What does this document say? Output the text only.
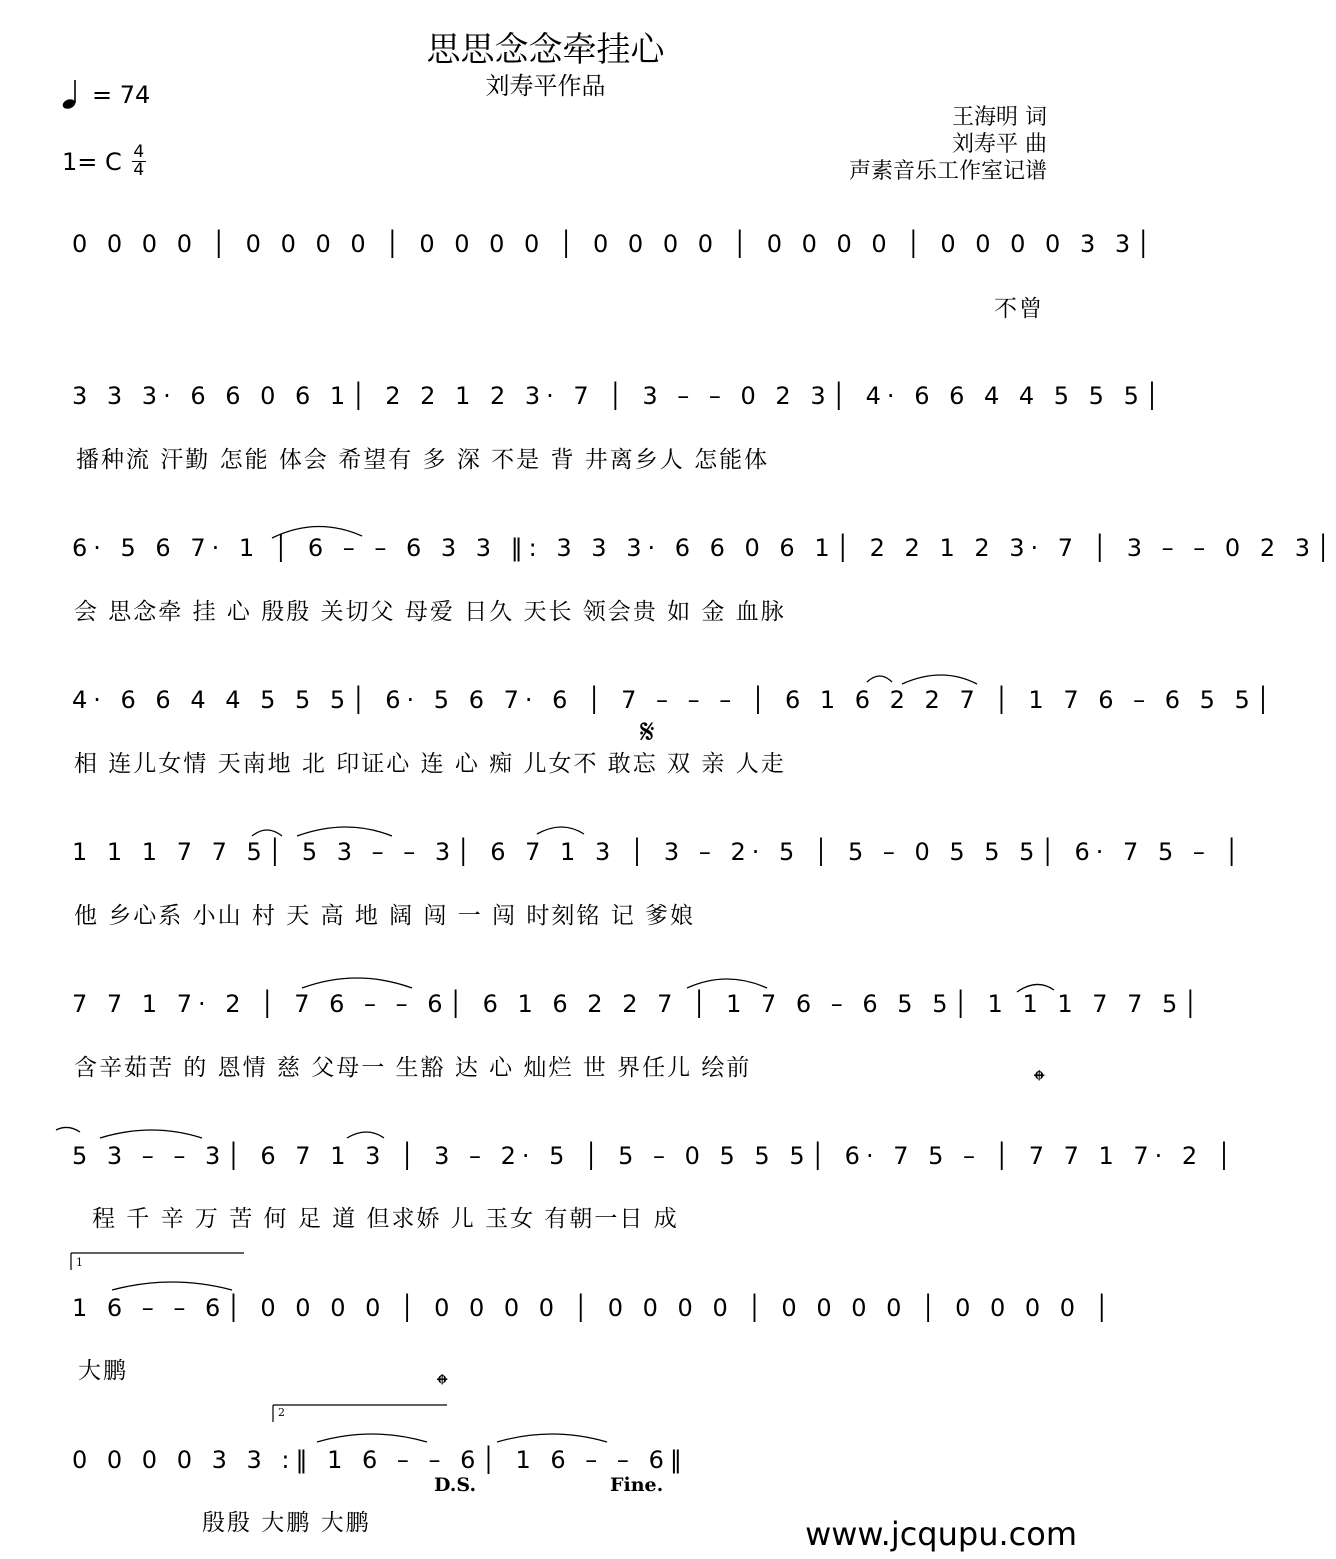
思思念念牵挂心
刘寿平作品
= 74
1= C $\frac{4}{4}$
王海明 词
刘寿平 曲
声素音乐工作室记谱
0 0 0 0 │ 0 0 0 0 │ 0 0 0 0 │ 0 0 0 0 │ 0 0 0 0 │ 0 0 0 0 3 3│
不曾
3 3 3· 6 6 0 6 1│ 2 2 1 2 3· 7 │ 3 – – 0 2 3│ 4· 6 6 4 4 5 5 5│
播种流 汗勤 怎能 体会 希望有 多 深 不是 背 井离乡人 怎能体
6· 5 6 7· 1 │ 6 – – 6 3 3 ‖: 3 3 3· 6 6 0 6 1│ 2 2 1 2 3· 7 │ 3 – – 0 2 3│
会 思念牵 挂 心 殷殷 关切父 母爱 日久 天长 领会贵 如 金 血脉
4· 6 6 4 4 5 5 5│ 6· 5 6 7· 6 │ 7 – – – │ 6 1 6 2 2 7 │ 1 7 6 – 6 5 5│
𝄋
相 连儿女情 天南地 北 印证心 连 心 痴 儿女不 敢忘 双 亲 人走
1 1 1 7 7 5│ 5 3 – – 3│ 6 7 1 3 │ 3 – 2· 5 │ 5 – 0 5 5 5│ 6· 7 5 – │
他 乡心系 小山 村 天 高 地 阔 闯 一 闯 时刻铭 记 爹娘
7 7 1 7· 2 │ 7 6 – – 6│ 6 1 6 2 2 7 │ 1 7 6 – 6 5 5│ 1 1 1 7 7 5│
含辛茹苦 的 恩情 慈 父母一 生豁 达 心 灿烂 世 界任儿 绘前	𝄌
5 3 – – 3│ 6 7 1 3 │ 3 – 2· 5 │ 5 – 0 5 5 5│ 6· 7 5 – │ 7 7 1 7· 2 │
程 千 辛 万 苦 何 足 道 但求娇 儿 玉女 有朝一日 成
1
1 6 – – 6│ 0 0 0 0 │ 0 0 0 0 │ 0 0 0 0 │ 0 0 0 0 │ 0 0 0 0 │
大鹏	𝄌
2
0 0 0 0 3 3 :‖ 1 6 – – 6│ 1 6 – – 6‖
D.S.	Fine.
殷殷 大鹏 大鹏	www.jcqupu.com
